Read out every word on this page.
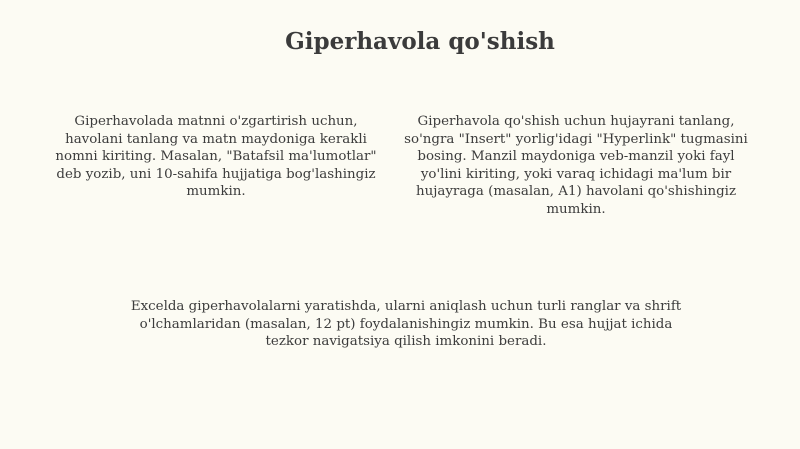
Giperhavola qo'shish

Giperhavolada matnni o'zgartirish uchun, havolani tanlang va matn maydoniga kerakli nomni kiriting. Masalan, "Batafsil ma'lumotlar" deb yozib, uni 10-sahifa hujjatiga bog'lashingiz mumkin.

Giperhavola qo'shish uchun hujayrani tanlang, so'ngra "Insert" yorlig'idagi "Hyperlink" tugmasini bosing. Manzil maydoniga veb-manzil yoki fayl yo'lini kiriting, yoki varaq ichidagi ma'lum bir hujayraga (masalan, A1) havolani qo'shishingiz mumkin.

Excelda giperhavolalarni yaratishda, ularni aniqlash uchun turli ranglar va shrift o'lchamlaridan (masalan, 12 pt) foydalanishingiz mumkin. Bu esa hujjat ichida tezkor navigatsiya qilish imkonini beradi.
